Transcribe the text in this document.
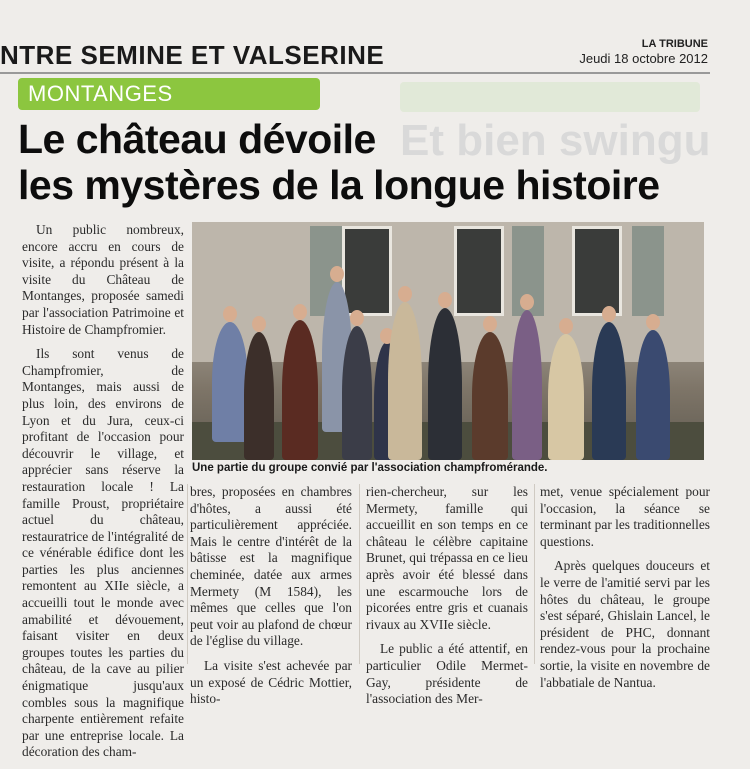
NTRE SEMINE ET VALSERINE	LA TRIBUNE
Jeudi 18 octobre 2012
Et bien swingu
MONTANGES
Le château dévoile
les mystères de la longue histoire

Un public nombreux, encore accru en cours de visite, a répondu présent à la visite du Château de Montanges, proposée samedi par l'association Patrimoine et Histoire de Champfromier.

Ils sont venus de Champfromier, de Montanges, mais aussi de plus loin, des environs de Lyon et du Jura, ceux-ci profitant de l'occasion pour découvrir le village, et apprécier sans réserve la restauration locale ! La famille Proust, propriétaire actuel du château, restauratrice de l'intégralité de ce vénérable édifice dont les parties les plus anciennes remontent au XIIe siècle, a accueilli tout le monde avec amabilité et dévouement, faisant visiter en deux groupes toutes les parties du château, de la cave au pilier énigmatique jusqu'aux combles sous la magnifique charpente entièrement refaite par une entreprise locale. La décoration des cham-

Une partie du groupe convié par l'association champfromérande.

bres, proposées en chambres d'hôtes, a aussi été particulièrement appréciée. Mais le centre d'intérêt de la bâtisse est la magnifique cheminée, datée aux armes Mermety (M 1584), les mêmes que celles que l'on peut voir au plafond de chœur de l'église du village.

La visite s'est achevée par un exposé de Cédric Mottier, histo-

rien-chercheur, sur les Mermety, famille qui accueillit en son temps en ce château le célèbre capitaine Brunet, qui trépassa en ce lieu après avoir été blessé dans une escarmouche lors de picorées entre gris et cuanais rivaux au XVIIe siècle.

Le public a été attentif, en particulier Odile Mermet-Gay, présidente de l'association des Mer-

met, venue spécialement pour l'occasion, la séance se terminant par les traditionnelles questions.

Après quelques douceurs et le verre de l'amitié servi par les hôtes du château, le groupe s'est séparé, Ghislain Lancel, le président de PHC, donnant rendez-vous pour la prochaine sortie, la visite en novembre de l'abbatiale de Nantua.
